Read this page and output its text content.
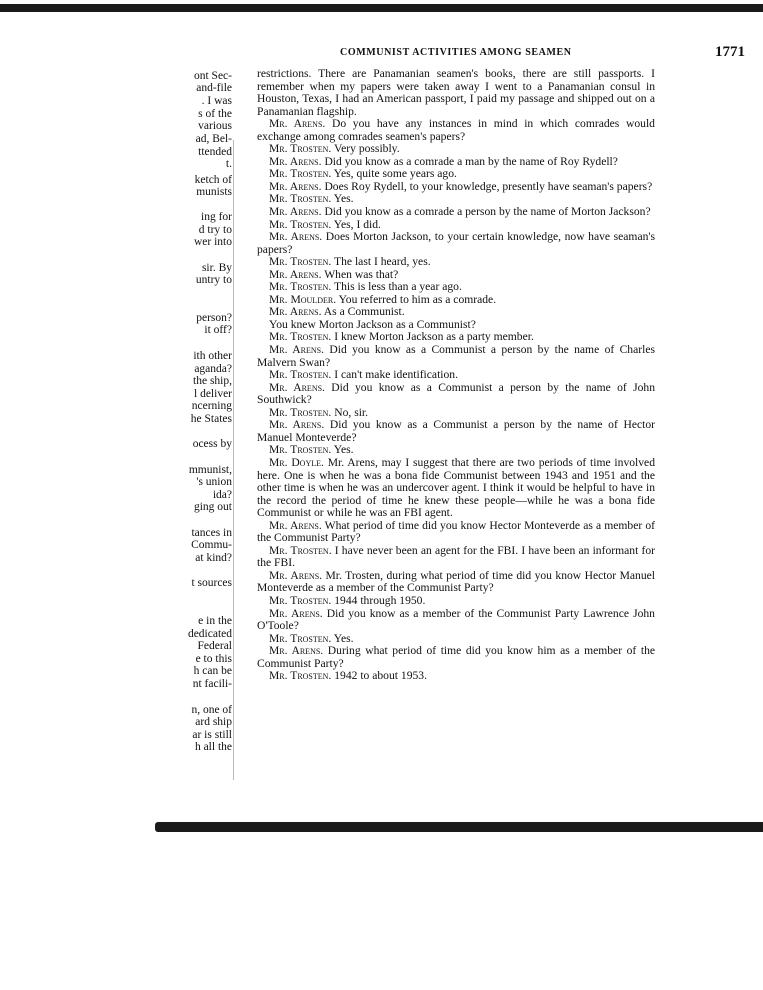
COMMUNIST ACTIVITIES AMONG SEAMEN	1771
ont Sec-
and-file
. I was
s of the
various
ad, Bel-
ttended
t.
ketch of
munists
ing for
d try to
wer into
sir. By
untry to
person?
it off?
ith other
aganda?
the ship,
l deliver
ncerning
he States
ocess by
mmunist,
's union
ida?
ging out
tances in
Commu-
at kind?
t sources
e in the
dedicated
Federal
e to this
h can be
nt facili-
n, one of
ard ship
ar is still
h all the

restrictions. There are Panamanian seamen's books, there are still passports. I remember when my papers were taken away I went to a Panamanian consul in Houston, Texas, I had an American passport, I paid my passage and shipped out on a Panamanian flagship.

Mr. Arens. Do you have any instances in mind in which comrades would exchange among comrades seamen's papers?

Mr. Trosten. Very possibly.

Mr. Arens. Did you know as a comrade a man by the name of Roy Rydell?

Mr. Trosten. Yes, quite some years ago.

Mr. Arens. Does Roy Rydell, to your knowledge, presently have seaman's papers?

Mr. Trosten. Yes.

Mr. Arens. Did you know as a comrade a person by the name of Morton Jackson?

Mr. Trosten. Yes, I did.

Mr. Arens. Does Morton Jackson, to your certain knowledge, now have seaman's papers?

Mr. Trosten. The last I heard, yes.

Mr. Arens. When was that?

Mr. Trosten. This is less than a year ago.

Mr. Moulder. You referred to him as a comrade.

Mr. Arens. As a Communist.

You knew Morton Jackson as a Communist?

Mr. Trosten. I knew Morton Jackson as a party member.

Mr. Arens. Did you know as a Communist a person by the name of Charles Malvern Swan?

Mr. Trosten. I can't make identification.

Mr. Arens. Did you know as a Communist a person by the name of John Southwick?

Mr. Trosten. No, sir.

Mr. Arens. Did you know as a Communist a person by the name of Hector Manuel Monteverde?

Mr. Trosten. Yes.

Mr. Doyle. Mr. Arens, may I suggest that there are two periods of time involved here. One is when he was a bona fide Communist between 1943 and 1951 and the other time is when he was an undercover agent. I think it would be helpful to have in the record the period of time he knew these people—while he was a bona fide Communist or while he was an FBI agent.

Mr. Arens. What period of time did you know Hector Monteverde as a member of the Communist Party?

Mr. Trosten. I have never been an agent for the FBI. I have been an informant for the FBI.

Mr. Arens. Mr. Trosten, during what period of time did you know Hector Manuel Monteverde as a member of the Communist Party?

Mr. Trosten. 1944 through 1950.

Mr. Arens. Did you know as a member of the Communist Party Lawrence John O'Toole?

Mr. Trosten. Yes.

Mr. Arens. During what period of time did you know him as a member of the Communist Party?

Mr. Trosten. 1942 to about 1953.
